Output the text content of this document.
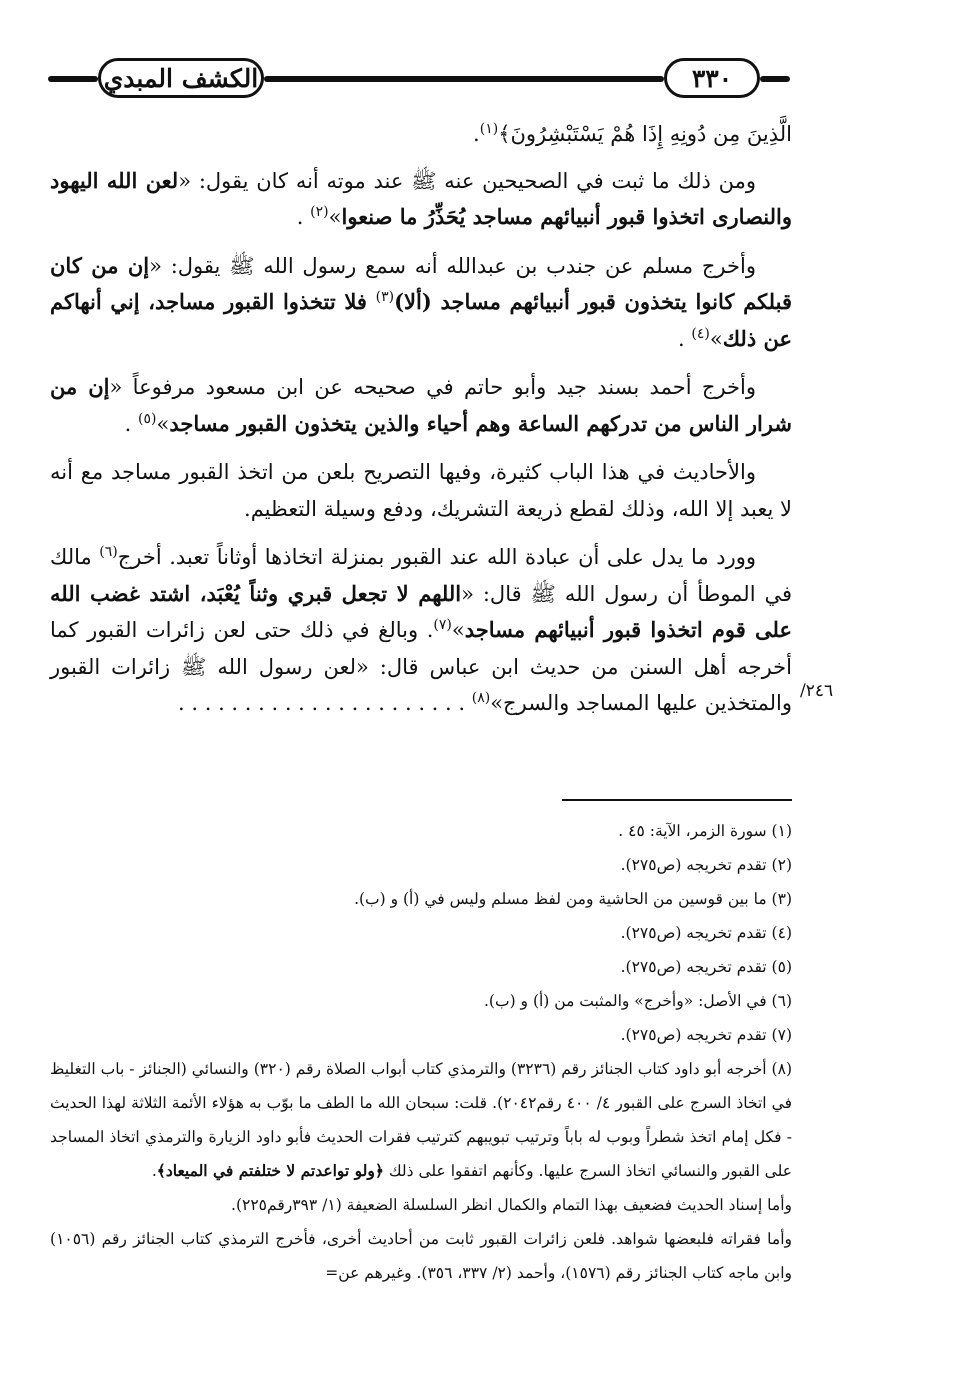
الكشف المبدي	٣٣٠

الَّذِينَ مِن دُونِهِ إِذَا هُمْ يَسْتَبْشِرُونَ﴾$^{(١)}$.

ومن ذلك ما ثبت في الصحيحين عنه ﷺ عند موته أنه كان يقول: «لعن الله اليهود والنصارى اتخذوا قبور أنبيائهم مساجد يُحَذِّرُ ما صنعوا»$^{(٢)}$ .

وأخرج مسلم عن جندب بن عبدالله أنه سمع رسول الله ﷺ يقول: «إن من كان قبلكم كانوا يتخذون قبور أنبيائهم مساجد (ألا)$^{(٣)}$ فلا تتخذوا القبور مساجد، إني أنهاكم عن ذلك»$^{(٤)}$ .

وأخرج أحمد بسند جيد وأبو حاتم في صحيحه عن ابن مسعود مرفوعاً «إن من شرار الناس من تدركهم الساعة وهم أحياء والذين يتخذون القبور مساجد»$^{(٥)}$ .

والأحاديث في هذا الباب كثيرة، وفيها التصريح بلعن من اتخذ القبور مساجد مع أنه لا يعبد إلا الله، وذلك لقطع ذريعة التشريك، ودفع وسيلة التعظيم.

وورد ما يدل على أن عبادة الله عند القبور بمنزلة اتخاذها أوثاناً تعبد. أخرج$^{(٦)}$ مالك في الموطأ أن رسول الله ﷺ قال: «اللهم لا تجعل قبري وثناً يُعْبَد، اشتد غضب الله على قوم اتخذوا قبور أنبيائهم مساجد»$^{(٧)}$. وبالغ في ذلك حتى لعن زائرات القبور كما أخرجه أهل السنن من حديث ابن عباس قال: «لعن رسول الله ﷺ زائرات القبور والمتخذين عليها المساجد والسرج»$^{(٨)}$ . . . . . . . . . . . . . . . . . . . . . .	/٢٤٦

(١) سورة الزمر، الآية: ٤٥ .

(٢) تقدم تخريجه (ص٢٧٥).

(٣) ما بين قوسين من الحاشية ومن لفظ مسلم وليس في (أ) و (ب).

(٤) تقدم تخريجه (ص٢٧٥).

(٥) تقدم تخريجه (ص٢٧٥).

(٦) في الأصل: «وأخرج» والمثبت من (أ) و (ب).

(٧) تقدم تخريجه (ص٢٧٥).

(٨) أخرجه أبو داود كتاب الجنائز رقم (٣٢٣٦) والترمذي كتاب أبواب الصلاة رقم (٣٢٠) والنسائي (الجنائز - باب التغليظ في اتخاذ السرج على القبور ٤/ ٤٠٠ رقم٢٠٤٢). قلت: سبحان الله ما الطف ما بوّب به هؤلاء الأئمة الثلاثة لهذا الحديث - فكل إمام اتخذ شطراً وبوب له باباً وترتيب تبويبهم كترتيب فقرات الحديث فأبو داود الزيارة والترمذي اتخاذ المساجد على القبور والنسائي اتخاذ السرج عليها. وكأنهم اتفقوا على ذلك ﴿ولو تواعدتم لا ختلفتم في الميعاد﴾.

وأما إسناد الحديث فضعيف بهذا التمام والكمال انظر السلسلة الضعيفة (١/ ٣٩٣رقم٢٢٥).

وأما فقراته فلبعضها شواهد. فلعن زائرات القبور ثابت من أحاديث أخرى، فأخرج الترمذي كتاب الجنائز رقم (١٠٥٦) وابن ماجه كتاب الجنائز رقم (١٥٧٦)، وأحمد (٢/ ٣٣٧، ٣٥٦). وغيرهم عن=
